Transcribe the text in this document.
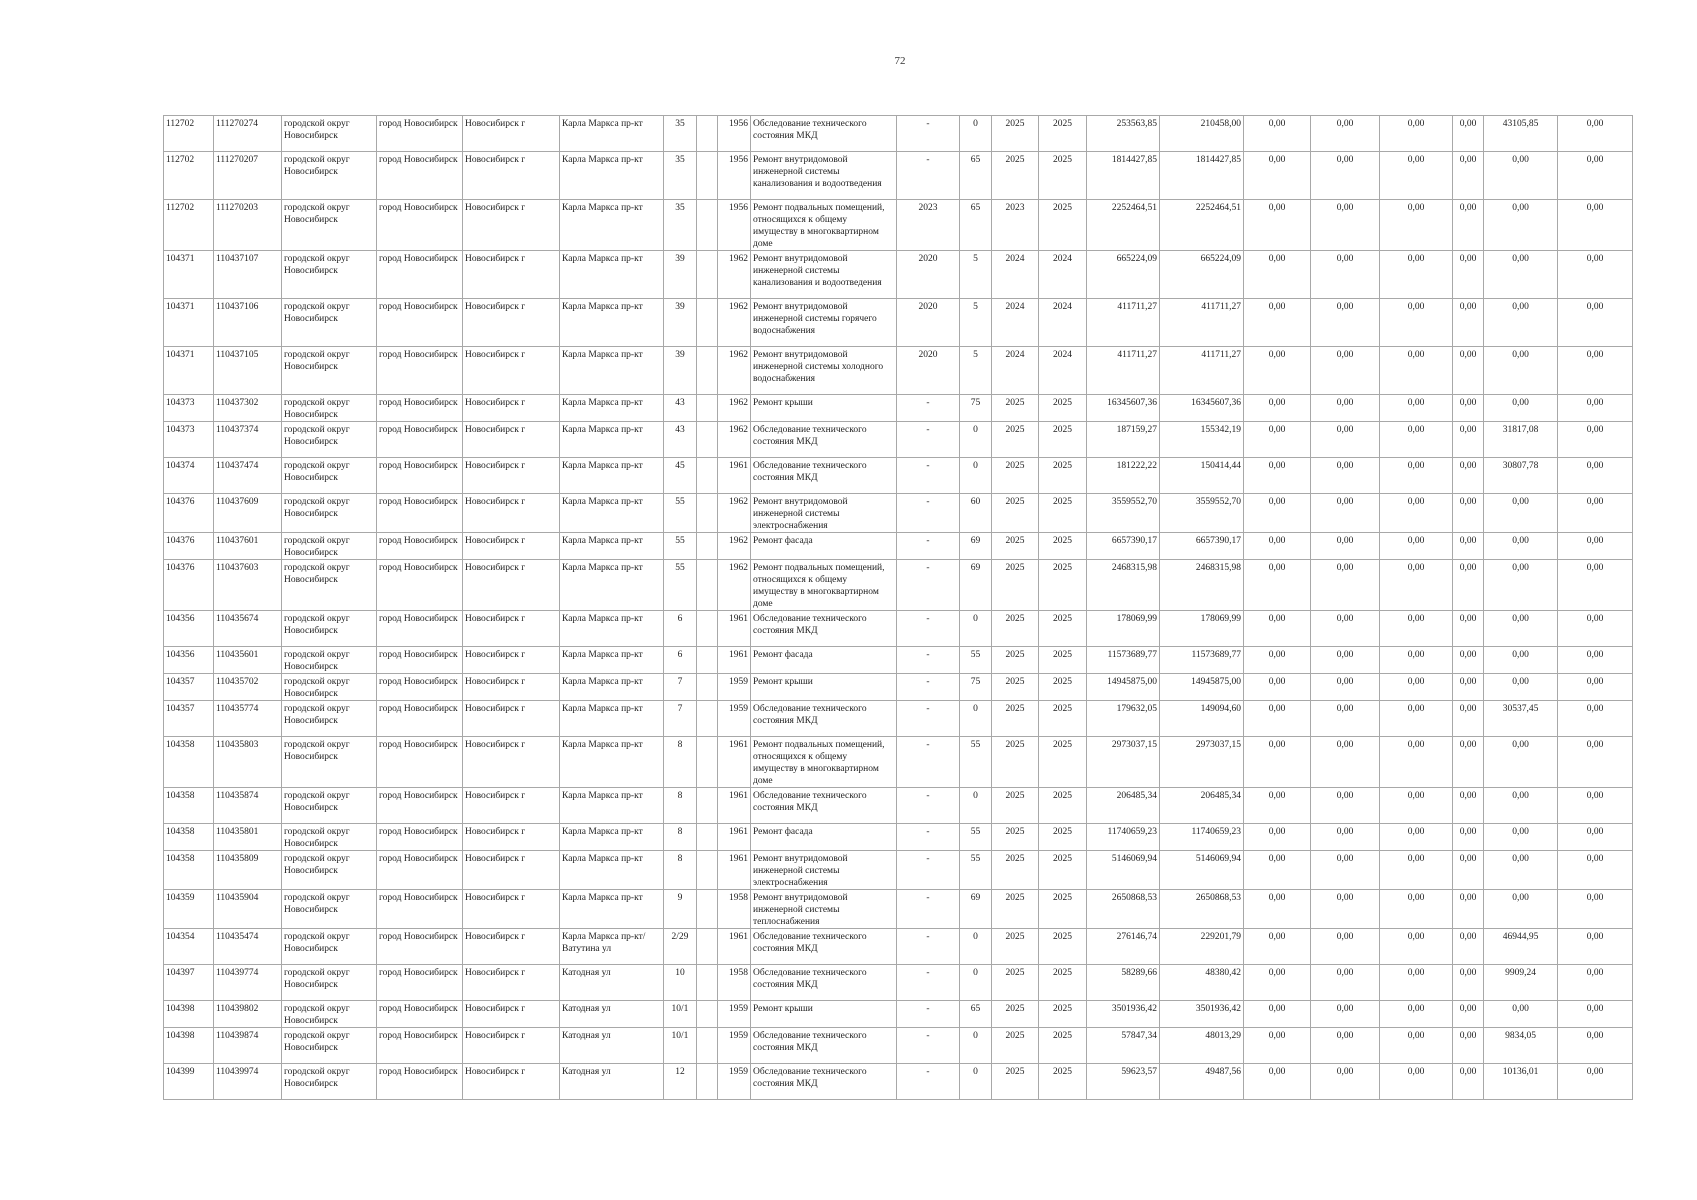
72
112702	111270274	городской округ Новосибирск	город Новосибирск	Новосибирск г	Карла Маркса пр-кт	35		1956	Обследование технического состояния МКД	-	0	2025	2025	253563,85	210458,00	0,00	0,00	0,00	0,00	43105,85	0,00
112702	111270207	городской округ Новосибирск	город Новосибирск	Новосибирск г	Карла Маркса пр-кт	35		1956	Ремонт внутридомовой инженерной системы канализования и водоотведения	-	65	2025	2025	1814427,85	1814427,85	0,00	0,00	0,00	0,00	0,00	0,00
112702	111270203	городской округ Новосибирск	город Новосибирск	Новосибирск г	Карла Маркса пр-кт	35		1956	Ремонт подвальных помещений, относящихся к общему имуществу в многоквартирном доме	2023	65	2023	2025	2252464,51	2252464,51	0,00	0,00	0,00	0,00	0,00	0,00
104371	110437107	городской округ Новосибирск	город Новосибирск	Новосибирск г	Карла Маркса пр-кт	39		1962	Ремонт внутридомовой инженерной системы канализования и водоотведения	2020	5	2024	2024	665224,09	665224,09	0,00	0,00	0,00	0,00	0,00	0,00
104371	110437106	городской округ Новосибирск	город Новосибирск	Новосибирск г	Карла Маркса пр-кт	39		1962	Ремонт внутридомовой инженерной системы горячего водоснабжения	2020	5	2024	2024	411711,27	411711,27	0,00	0,00	0,00	0,00	0,00	0,00
104371	110437105	городской округ Новосибирск	город Новосибирск	Новосибирск г	Карла Маркса пр-кт	39		1962	Ремонт внутридомовой инженерной системы холодного водоснабжения	2020	5	2024	2024	411711,27	411711,27	0,00	0,00	0,00	0,00	0,00	0,00
104373	110437302	городской округ Новосибирск	город Новосибирск	Новосибирск г	Карла Маркса пр-кт	43		1962	Ремонт крыши	-	75	2025	2025	16345607,36	16345607,36	0,00	0,00	0,00	0,00	0,00	0,00
104373	110437374	городской округ Новосибирск	город Новосибирск	Новосибирск г	Карла Маркса пр-кт	43		1962	Обследование технического состояния МКД	-	0	2025	2025	187159,27	155342,19	0,00	0,00	0,00	0,00	31817,08	0,00
104374	110437474	городской округ Новосибирск	город Новосибирск	Новосибирск г	Карла Маркса пр-кт	45		1961	Обследование технического состояния МКД	-	0	2025	2025	181222,22	150414,44	0,00	0,00	0,00	0,00	30807,78	0,00
104376	110437609	городской округ Новосибирск	город Новосибирск	Новосибирск г	Карла Маркса пр-кт	55		1962	Ремонт внутридомовой инженерной системы электроснабжения	-	60	2025	2025	3559552,70	3559552,70	0,00	0,00	0,00	0,00	0,00	0,00
104376	110437601	городской округ Новосибирск	город Новосибирск	Новосибирск г	Карла Маркса пр-кт	55		1962	Ремонт фасада	-	69	2025	2025	6657390,17	6657390,17	0,00	0,00	0,00	0,00	0,00	0,00
104376	110437603	городской округ Новосибирск	город Новосибирск	Новосибирск г	Карла Маркса пр-кт	55		1962	Ремонт подвальных помещений, относящихся к общему имуществу в многоквартирном доме	-	69	2025	2025	2468315,98	2468315,98	0,00	0,00	0,00	0,00	0,00	0,00
104356	110435674	городской округ Новосибирск	город Новосибирск	Новосибирск г	Карла Маркса пр-кт	6		1961	Обследование технического состояния МКД	-	0	2025	2025	178069,99	178069,99	0,00	0,00	0,00	0,00	0,00	0,00
104356	110435601	городской округ Новосибирск	город Новосибирск	Новосибирск г	Карла Маркса пр-кт	6		1961	Ремонт фасада	-	55	2025	2025	11573689,77	11573689,77	0,00	0,00	0,00	0,00	0,00	0,00
104357	110435702	городской округ Новосибирск	город Новосибирск	Новосибирск г	Карла Маркса пр-кт	7		1959	Ремонт крыши	-	75	2025	2025	14945875,00	14945875,00	0,00	0,00	0,00	0,00	0,00	0,00
104357	110435774	городской округ Новосибирск	город Новосибирск	Новосибирск г	Карла Маркса пр-кт	7		1959	Обследование технического состояния МКД	-	0	2025	2025	179632,05	149094,60	0,00	0,00	0,00	0,00	30537,45	0,00
104358	110435803	городской округ Новосибирск	город Новосибирск	Новосибирск г	Карла Маркса пр-кт	8		1961	Ремонт подвальных помещений, относящихся к общему имуществу в многоквартирном доме	-	55	2025	2025	2973037,15	2973037,15	0,00	0,00	0,00	0,00	0,00	0,00
104358	110435874	городской округ Новосибирск	город Новосибирск	Новосибирск г	Карла Маркса пр-кт	8		1961	Обследование технического состояния МКД	-	0	2025	2025	206485,34	206485,34	0,00	0,00	0,00	0,00	0,00	0,00
104358	110435801	городской округ Новосибирск	город Новосибирск	Новосибирск г	Карла Маркса пр-кт	8		1961	Ремонт фасада	-	55	2025	2025	11740659,23	11740659,23	0,00	0,00	0,00	0,00	0,00	0,00
104358	110435809	городской округ Новосибирск	город Новосибирск	Новосибирск г	Карла Маркса пр-кт	8		1961	Ремонт внутридомовой инженерной системы электроснабжения	-	55	2025	2025	5146069,94	5146069,94	0,00	0,00	0,00	0,00	0,00	0,00
104359	110435904	городской округ Новосибирск	город Новосибирск	Новосибирск г	Карла Маркса пр-кт	9		1958	Ремонт внутридомовой инженерной системы теплоснабжения	-	69	2025	2025	2650868,53	2650868,53	0,00	0,00	0,00	0,00	0,00	0,00
104354	110435474	городской округ Новосибирск	город Новосибирск	Новосибирск г	Карла Маркса пр-кт/Ватутина ул	2/29		1961	Обследование технического состояния МКД	-	0	2025	2025	276146,74	229201,79	0,00	0,00	0,00	0,00	46944,95	0,00
104397	110439774	городской округ Новосибирск	город Новосибирск	Новосибирск г	Катодная ул	10		1958	Обследование технического состояния МКД	-	0	2025	2025	58289,66	48380,42	0,00	0,00	0,00	0,00	9909,24	0,00
104398	110439802	городской округ Новосибирск	город Новосибирск	Новосибирск г	Катодная ул	10/1		1959	Ремонт крыши	-	65	2025	2025	3501936,42	3501936,42	0,00	0,00	0,00	0,00	0,00	0,00
104398	110439874	городской округ Новосибирск	город Новосибирск	Новосибирск г	Катодная ул	10/1		1959	Обследование технического состояния МКД	-	0	2025	2025	57847,34	48013,29	0,00	0,00	0,00	0,00	9834,05	0,00
104399	110439974	городской округ Новосибирск	город Новосибирск	Новосибирск г	Катодная ул	12		1959	Обследование технического состояния МКД	-	0	2025	2025	59623,57	49487,56	0,00	0,00	0,00	0,00	10136,01	0,00
